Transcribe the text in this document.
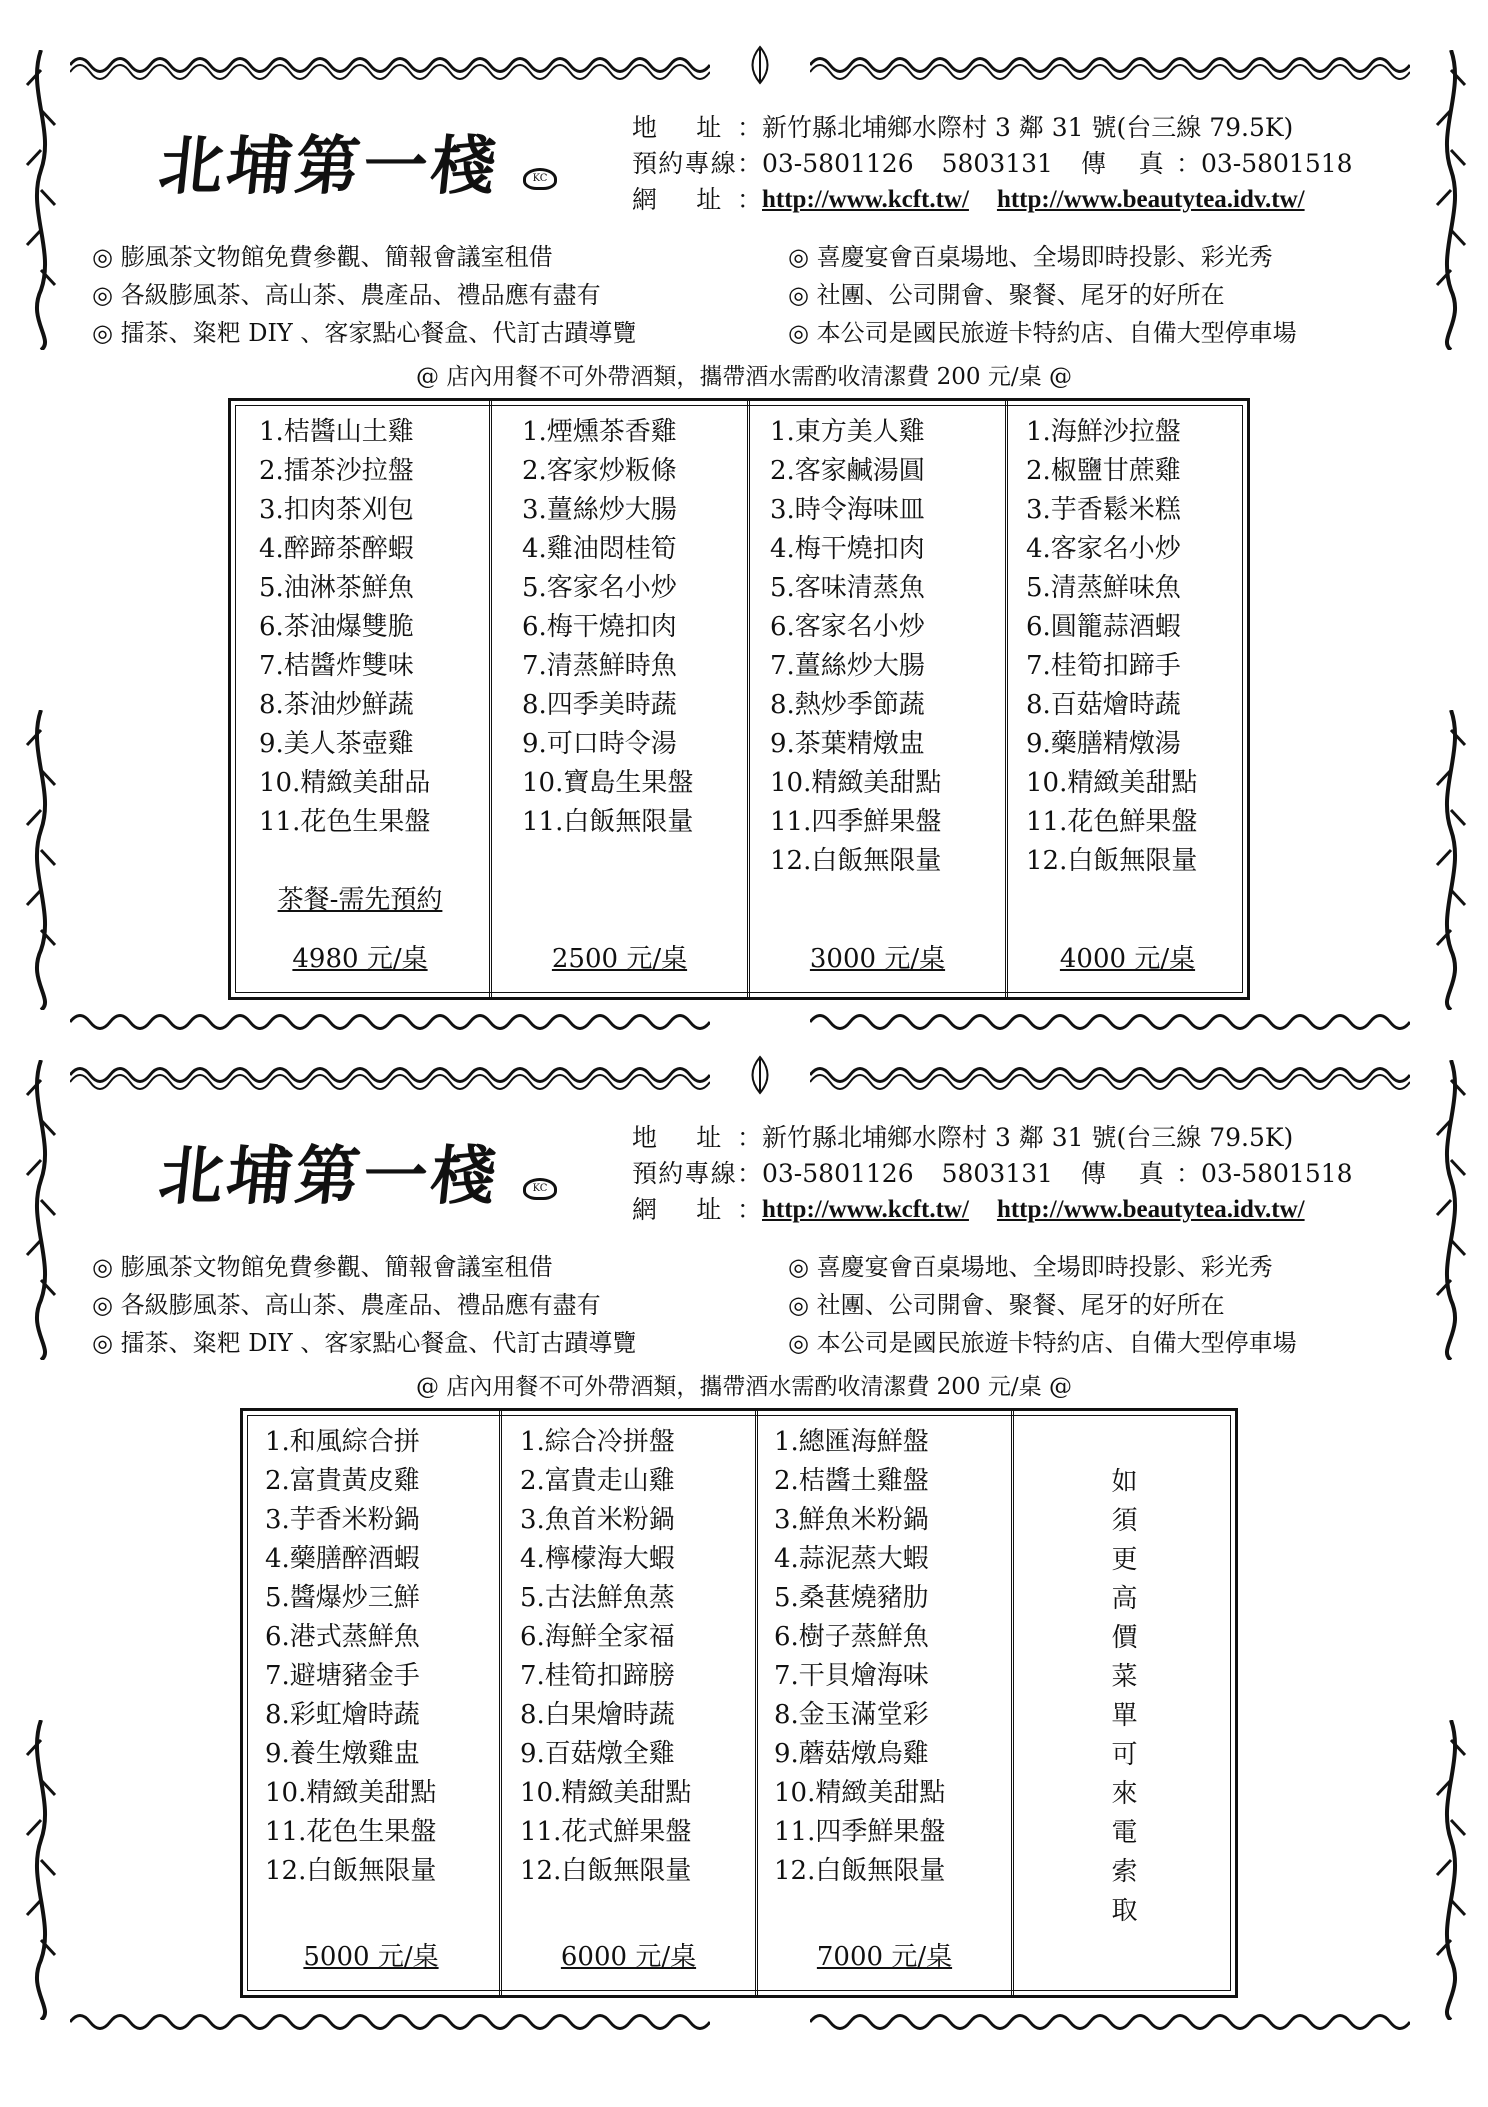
北埔第一棧	KC
地 址： 新竹縣北埔鄉水際村 3 鄰 31 號(台三線 79.5K)
預約專線： 03-5801126 5803131 傳 真： 03-5801518
網 址： http://www.kcft.tw/ http://www.beautytea.idv.tw/
◎ 膨風茶文物館免費參觀、簡報會議室租借
◎ 各級膨風茶、高山茶、農產品、禮品應有盡有
◎ 擂茶、粢粑 DIY 、客家點心餐盒、代訂古蹟導覽
◎ 喜慶宴會百桌場地、全場即時投影、彩光秀
◎ 社團、公司開會、聚餐、尾牙的好所在
◎ 本公司是國民旅遊卡特約店、自備大型停車場
@ 店內用餐不可外帶酒類，攜帶酒水需酌收清潔費 200 元/桌 @
1.桔醬山土雞
2.擂茶沙拉盤
3.扣肉茶刈包
4.醉蹄茶醉蝦
5.油淋茶鮮魚
6.茶油爆雙脆
7.桔醬炸雙味
8.茶油炒鮮蔬
9.美人茶壺雞
10.精緻美甜品
11.花色生果盤
茶餐-需先預約
4980 元/桌
1.煙燻茶香雞
2.客家炒粄條
3.薑絲炒大腸
4.雞油悶桂筍
5.客家名小炒
6.梅干燒扣肉
7.清蒸鮮時魚
8.四季美時蔬
9.可口時令湯
10.寶島生果盤
11.白飯無限量
2500 元/桌
1.東方美人雞
2.客家鹹湯圓
3.時令海味皿
4.梅干燒扣肉
5.客味清蒸魚
6.客家名小炒
7.薑絲炒大腸
8.熱炒季節蔬
9.茶葉精燉盅
10.精緻美甜點
11.四季鮮果盤
12.白飯無限量
3000 元/桌
1.海鮮沙拉盤
2.椒鹽甘蔗雞
3.芋香鬆米糕
4.客家名小炒
5.清蒸鮮味魚
6.圓籠蒜酒蝦
7.桂筍扣蹄手
8.百菇燴時蔬
9.藥膳精燉湯
10.精緻美甜點
11.花色鮮果盤
12.白飯無限量
4000 元/桌
北埔第一棧	KC
地 址： 新竹縣北埔鄉水際村 3 鄰 31 號(台三線 79.5K)
預約專線： 03-5801126 5803131 傳 真： 03-5801518
網 址： http://www.kcft.tw/ http://www.beautytea.idv.tw/
◎ 膨風茶文物館免費參觀、簡報會議室租借
◎ 各級膨風茶、高山茶、農產品、禮品應有盡有
◎ 擂茶、粢粑 DIY 、客家點心餐盒、代訂古蹟導覽
◎ 喜慶宴會百桌場地、全場即時投影、彩光秀
◎ 社團、公司開會、聚餐、尾牙的好所在
◎ 本公司是國民旅遊卡特約店、自備大型停車場
@ 店內用餐不可外帶酒類，攜帶酒水需酌收清潔費 200 元/桌 @
1.和風綜合拼
2.富貴黃皮雞
3.芋香米粉鍋
4.藥膳醉酒蝦
5.醬爆炒三鮮
6.港式蒸鮮魚
7.避塘豬金手
8.彩虹燴時蔬
9.養生燉雞盅
10.精緻美甜點
11.花色生果盤
12.白飯無限量
5000 元/桌
1.綜合冷拼盤
2.富貴走山雞
3.魚首米粉鍋
4.檸檬海大蝦
5.古法鮮魚蒸
6.海鮮全家福
7.桂筍扣蹄膀
8.白果燴時蔬
9.百菇燉全雞
10.精緻美甜點
11.花式鮮果盤
12.白飯無限量
6000 元/桌
1.總匯海鮮盤
2.桔醬土雞盤
3.鮮魚米粉鍋
4.蒜泥蒸大蝦
5.桑葚燒豬肋
6.樹子蒸鮮魚
7.干貝燴海味
8.金玉滿堂彩
9.蘑菇燉烏雞
10.精緻美甜點
11.四季鮮果盤
12.白飯無限量
7000 元/桌
如
須
更
高
價
菜
單
可
來
電
索
取
